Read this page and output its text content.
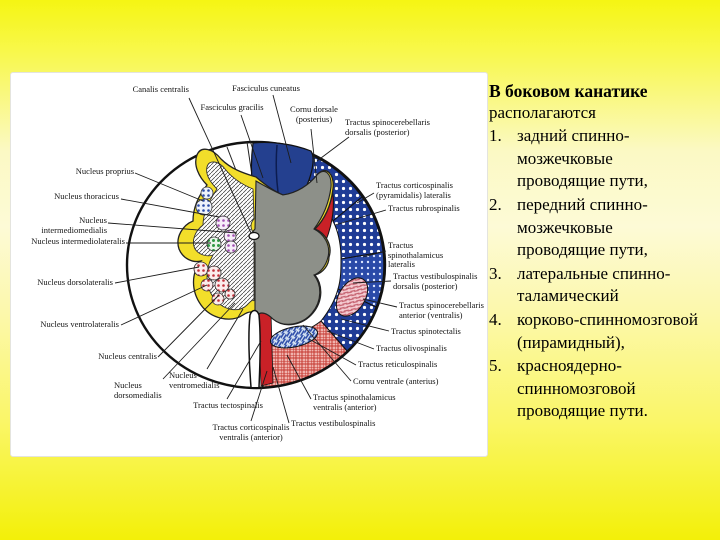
Canalis centralis
Fasciculus gracilis
Fasciculus cuneatus
Cornu dorsale (posterius)	Tractus spinocerebellaris dorsalis (posterior)
Nucleus proprius
Nucleus thoracicus
Nucleus intermediomedialis
Nucleus intermediolateralis
Nucleus dorsolateralis
Nucleus ventrolateralis
Nucleus centralis
Nucleus dorsomedialis
Nucleus ventromedialis
Tractus tectospinalis
Tractus corticospinalis ventralis (anterior)
Tractus corticospinalis (pyramidalis) lateralis
Tractus rubrospinalis
Tractus spinothalamicus lateralis
Tractus vestibulospinalis dorsalis (posterior)
Tractus spinocerebellaris anterior (ventralis)
Tractus spinotectalis
Tractus olivospinalis
Tractus reticulospinalis
Cornu ventrale (anterius)
Tractus spinothalamicus ventralis (anterior)
Tractus vestibulospinalis
В боковом канатике
располагаются
1. задний спинно-мозжечковые проводящие пути,
2. передний спинно-мозжечковые проводящие пути,
3. латеральные спинно-таламический
4. корково-спинномозговой (пирамидный),
5. красноядерно-спинномозговой проводящие пути.
